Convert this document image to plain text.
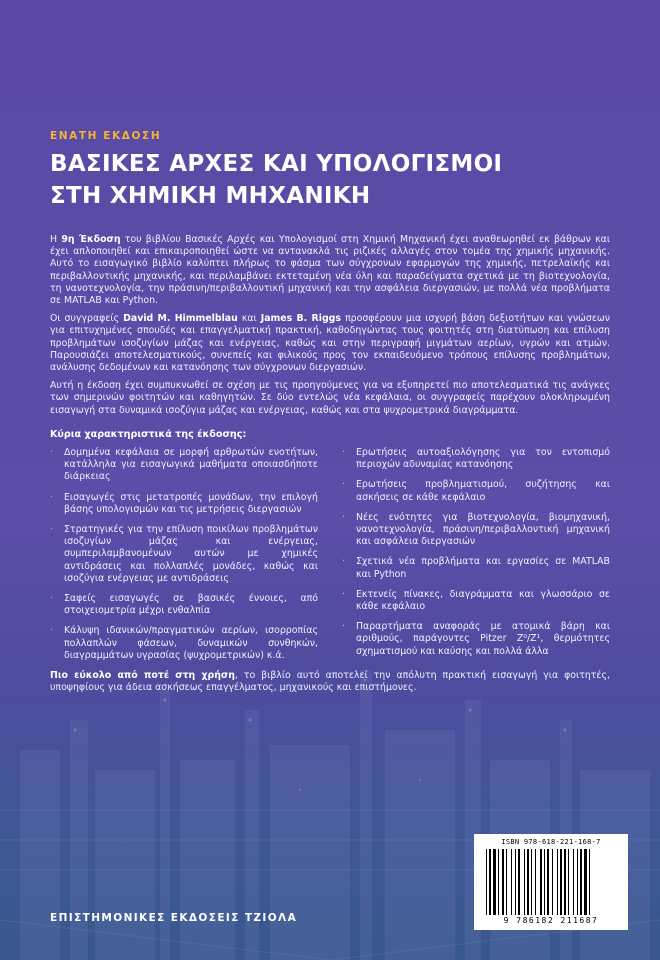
ΕΝΑΤΗ ΕΚΔΟΣΗ
ΒΑΣΙΚΕΣ ΑΡΧΕΣ ΚΑΙ ΥΠΟΛΟΓΙΣΜΟΙ
ΣΤΗ ΧΗΜΙΚΗ ΜΗΧΑΝΙΚΗ

Η 9η Έκδοση του βιβλίου Βασικές Αρχές και Υπολογισμοί στη Χημική Μηχανική έχει αναθεωρηθεί εκ βάθρων και έχει απλοποιηθεί και επικαιροποιηθεί ώστε να αντανακλά τις ριζικές αλλαγές στον τομέα της χημικής μηχανικής. Αυτό το εισαγωγικό βιβλίο καλύπτει πλήρως το φάσμα των σύγχρονων εφαρμογών της χημικής, πετρελαϊκής και περιβαλλοντικής μηχανικής, και περιλαμβάνει εκτεταμένη νέα ύλη και παραδείγματα σχετικά με τη βιοτεχνολογία, τη νανοτεχνολογία, την πράσινη/περιβαλλοντική μηχανική και την ασφάλεια διεργασιών, με πολλά νέα προβλήματα σε MATLAB και Python.

Οι συγγραφείς David M. Himmelblau και James B. Riggs προσφέρουν μια ισχυρή βάση δεξιοτήτων και γνώσεων για επιτυχημένες σπουδές και επαγγελματική πρακτική, καθοδηγώντας τους φοιτητές στη διατύπωση και επίλυση προβλημάτων ισοζυγίων μάζας και ενέργειας, καθώς και στην περιγραφή μιγμάτων αερίων, υγρών και ατμών. Παρουσιάζει αποτελεσματικούς, συνεπείς και φιλικούς προς τον εκπαιδευόμενο τρόπους επίλυσης προβλημάτων, ανάλυσης δεδομένων και κατανόησης των σύγχρονων διεργασιών.

Αυτή η έκδοση έχει συμπυκνωθεί σε σχέση με τις προηγούμενες για να εξυπηρετεί πιο αποτελεσματικά τις ανάγκες των σημερινών φοιτητών και καθηγητών. Σε δύο εντελώς νέα κεφάλαια, οι συγγραφείς παρέχουν ολοκληρωμένη εισαγωγή στα δυναμικά ισοζύγια μάζας και ενέργειας, καθώς και στα ψυχρομετρικά διαγράμματα.

Κύρια χαρακτηριστικά της έκδοσης:
· Δομημένα κεφάλαια σε μορφή αρθρωτών ενοτήτων, κατάλληλα για εισαγωγικά μαθήματα οποιασδήποτε διάρκειας
· Εισαγωγές στις μετατροπές μονάδων, την επιλογή βάσης υπολογισμών και τις μετρήσεις διεργασιών
· Στρατηγικές για την επίλυση ποικίλων προβλημάτων ισοζυγίων μάζας και ενέργειας, συμπεριλαμβανομένων αυτών με χημικές αντιδράσεις και πολλαπλές μονάδες, καθώς και ισοζύγια ενέργειας με αντιδράσεις
· Σαφείς εισαγωγές σε βασικές έννοιες, από στοιχειομετρία μέχρι ενθαλπία
· Κάλυψη ιδανικών/πραγματικών αερίων, ισορροπίας πολλαπλών φάσεων, δυναμικών συνθηκών, διαγραμμάτων υγρασίας (ψυχρομετρικών) κ.ά.
· Ερωτήσεις αυτοαξιολόγησης για τον εντοπισμό περιοχών αδυναμίας κατανόησης
· Ερωτήσεις προβληματισμού, συζήτησης και ασκήσεις σε κάθε κεφάλαιο
· Νέες ενότητες για βιοτεχνολογία, βιομηχανική, νανοτεχνολογία, πράσινη/περιβαλλοντική μηχανική και ασφάλεια διεργασιών
· Σχετικά νέα προβλήματα και εργασίες σε MATLAB και Python
· Εκτενείς πίνακες, διαγράμματα και γλωσσάριο σε κάθε κεφάλαιο
· Παραρτήματα αναφοράς με ατομικά βάρη και αριθμούς, παράγοντες Pitzer Z⁰/Z¹, θερμότητες σχηματισμού και καύσης και πολλά άλλα

Πιο εύκολο από ποτέ στη χρήση, το βιβλίο αυτό αποτελεί την απόλυτη πρακτική εισαγωγή για φοιτητές, υποψηφίους για άδεια ασκήσεως επαγγέλματος, μηχανικούς και επιστήμονες.

ISBN 978-618-221-168-7
9 786182 211687
ΕΠΙΣΤΗΜΟΝΙΚΕΣ ΕΚΔΟΣΕΙΣ ΤΖΙΟΛΑ
